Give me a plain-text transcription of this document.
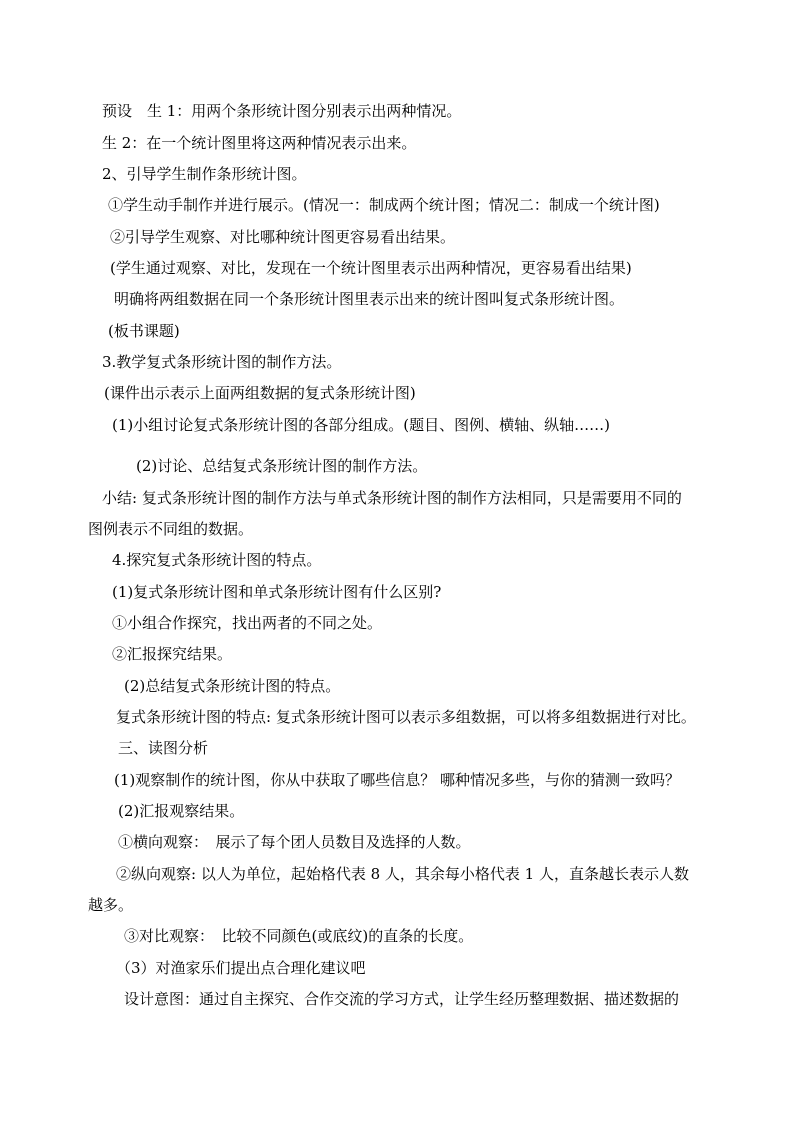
预设　生 1：用两个条形统计图分别表示出两种情况。
生 2：在一个统计图里将这两种情况表示出来。
2、引导学生制作条形统计图。
①学生动手制作并进行展示。(情况一：制成两个统计图；情况二：制成一个统计图)
②引导学生观察、对比哪种统计图更容易看出结果。
(学生通过观察、对比，发现在一个统计图里表示出两种情况，更容易看出结果)
明确将两组数据在同一个条形统计图里表示出来的统计图叫复式条形统计图。
(板书课题)
3.教学复式条形统计图的制作方法。
(课件出示表示上面两组数据的复式条形统计图)
(1)小组讨论复式条形统计图的各部分组成。(题目、图例、横轴、纵轴……)
(2)讨论、总结复式条形统计图的制作方法。
小结: 复式条形统计图的制作方法与单式条形统计图的制作方法相同，只是需要用不同的
图例表示不同组的数据。
4.探究复式条形统计图的特点。
(1)复式条形统计图和单式条形统计图有什么区别?
①小组合作探究，找出两者的不同之处。
②汇报探究结果。
(2)总结复式条形统计图的特点。
复式条形统计图的特点: 复式条形统计图可以表示多组数据，可以将多组数据进行对比。
三、读图分析
(1)观察制作的统计图，你从中获取了哪些信息？ 哪种情况多些，与你的猜测一致吗？
(2)汇报观察结果。
①横向观察：　展示了每个团人员数目及选择的人数。
②纵向观察: 以人为单位，起始格代表 8 人，其余每小格代表 1 人，直条越长表示人数
越多。
③对比观察：　比较不同颜色(或底纹)的直条的长度。
（3）对渔家乐们提出点合理化建议吧
设计意图：通过自主探究、合作交流的学习方式，让学生经历整理数据、描述数据的
